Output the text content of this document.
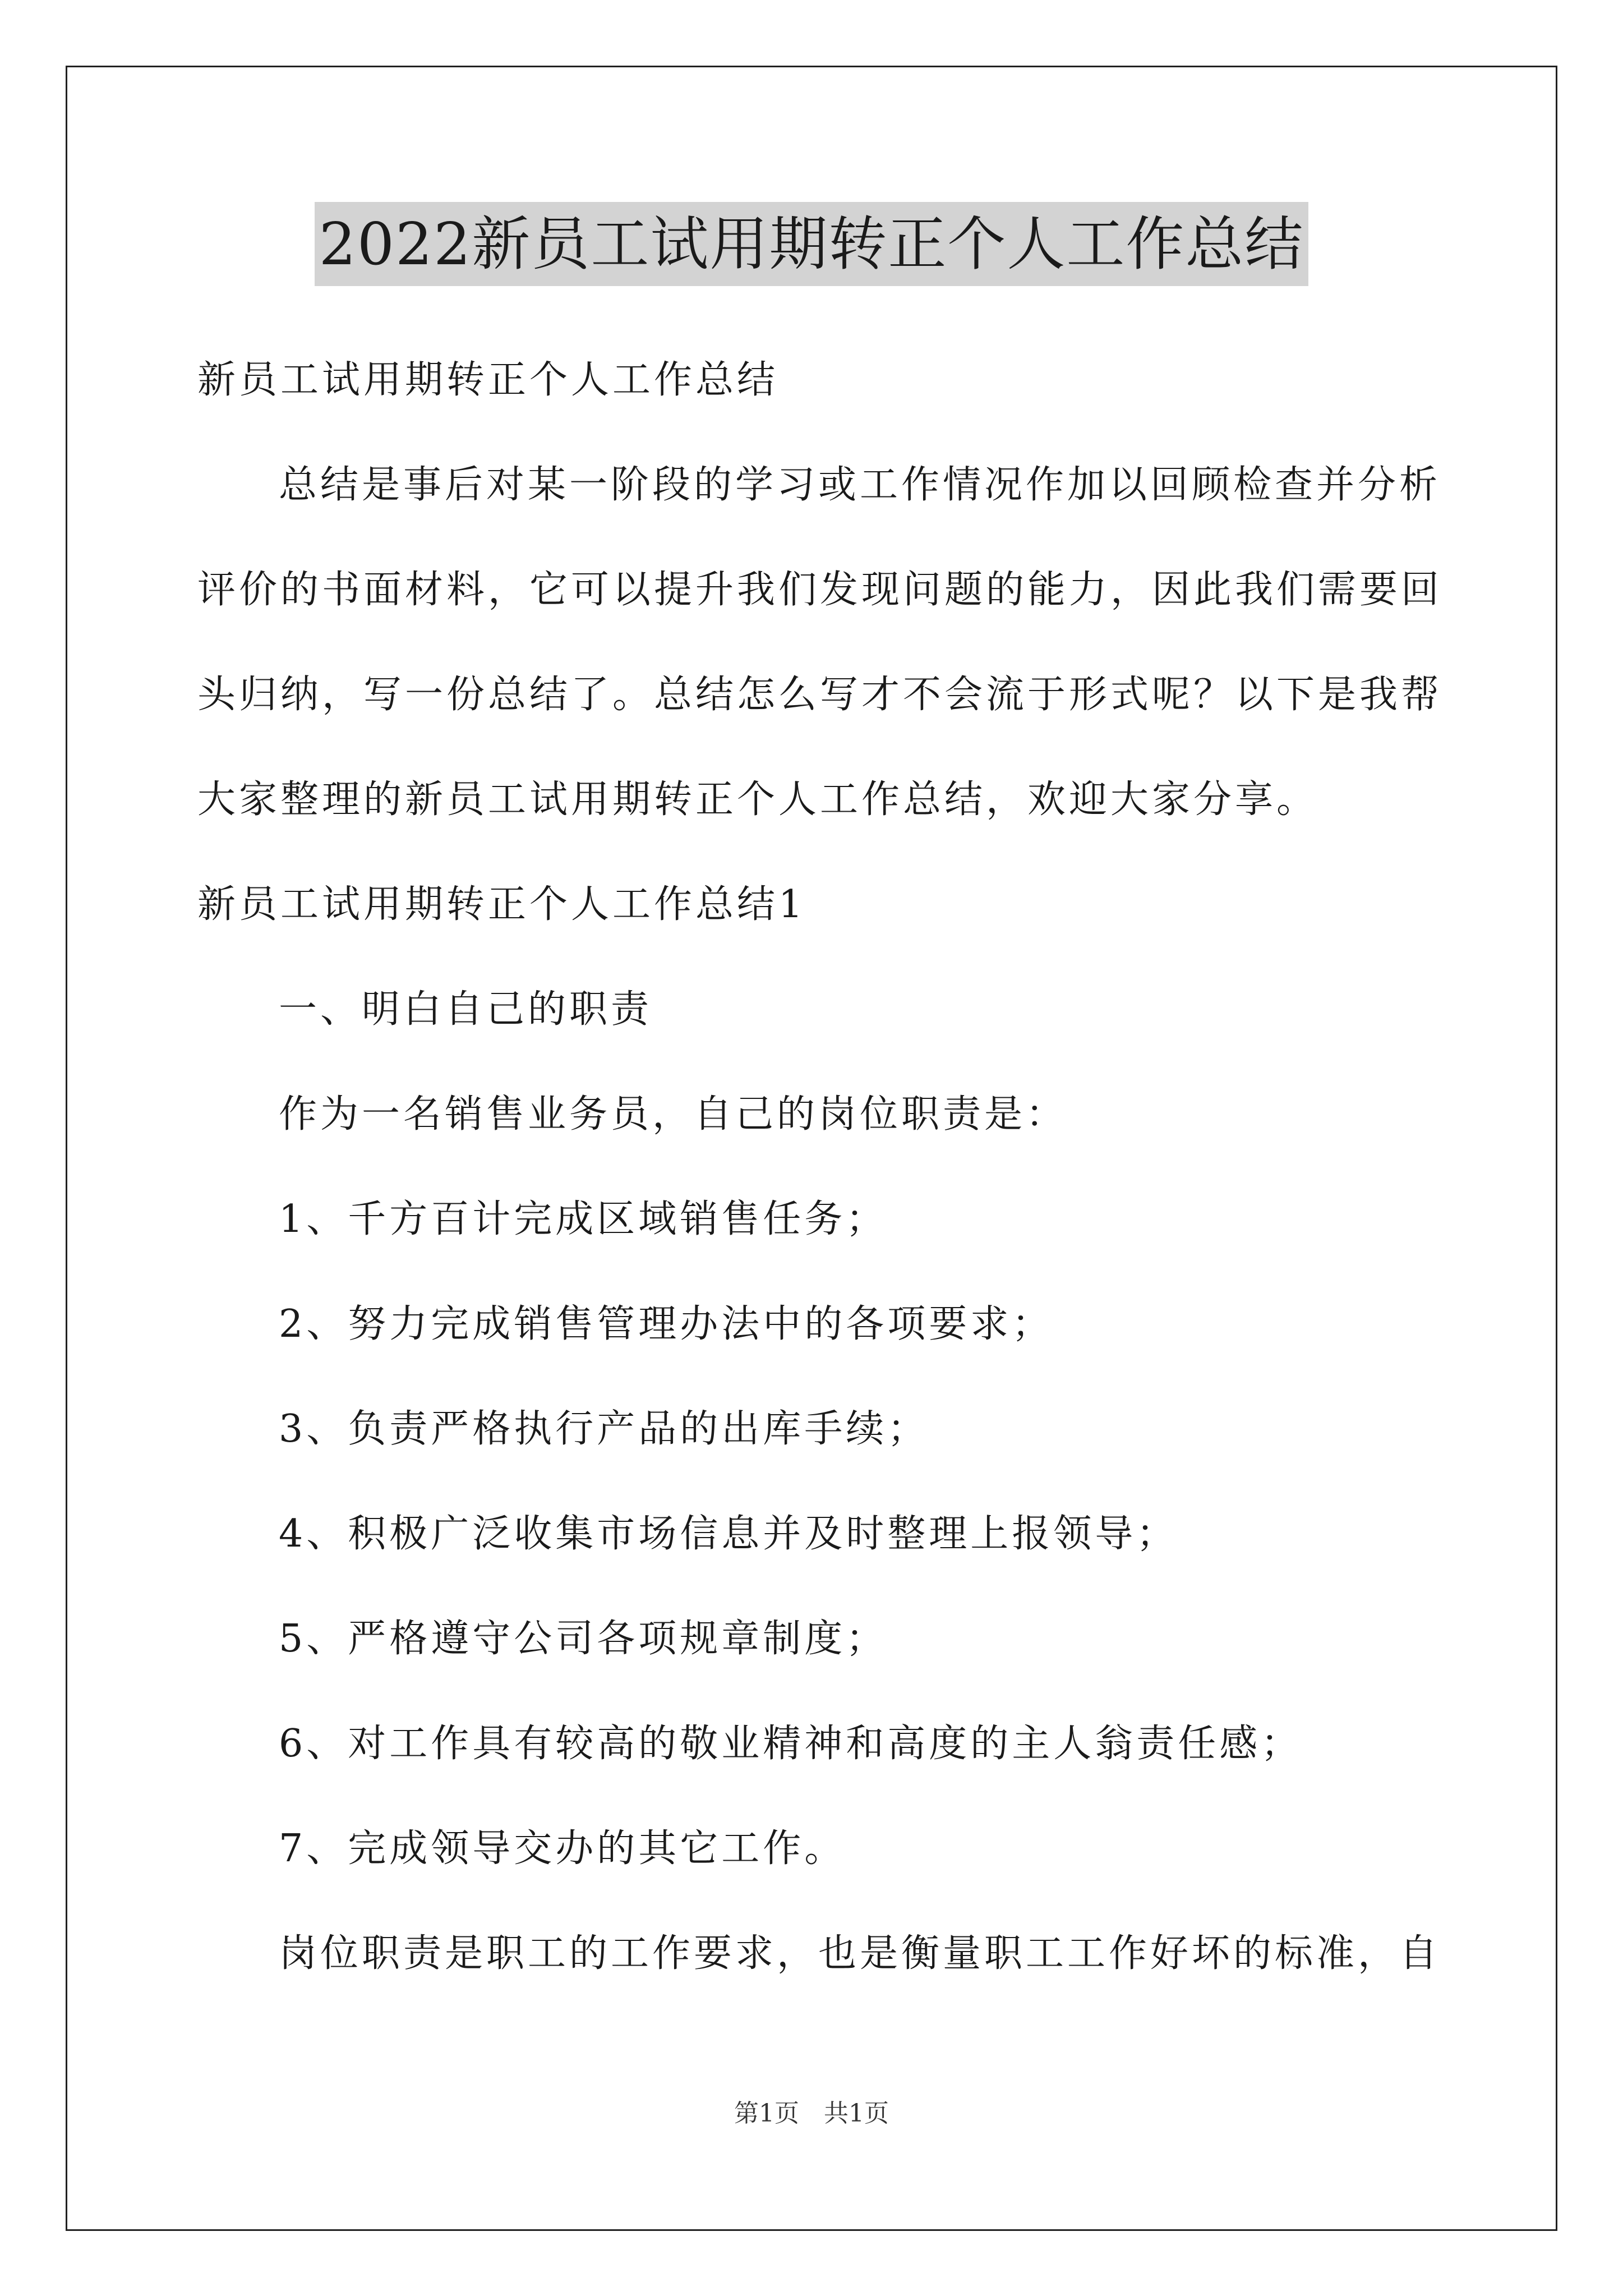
2022新员工试用期转正个人工作总结
新员工试用期转正个人工作总结
总结是事后对某一阶段的学习或工作情况作加以回顾检查并分析
评价的书面材料，它可以提升我们发现问题的能力，因此我们需要回
头归纳，写一份总结了。总结怎么写才不会流于形式呢？以下是我帮
大家整理的新员工试用期转正个人工作总结，欢迎大家分享。
新员工试用期转正个人工作总结1
一、明白自己的职责
作为一名销售业务员，自己的岗位职责是：
1、千方百计完成区域销售任务；
2、努力完成销售管理办法中的各项要求；
3、负责严格执行产品的出库手续；
4、积极广泛收集市场信息并及时整理上报领导；
5、严格遵守公司各项规章制度；
6、对工作具有较高的敬业精神和高度的主人翁责任感；
7、完成领导交办的其它工作。
岗位职责是职工的工作要求，也是衡量职工工作好坏的标准，自
第1页　共1页
